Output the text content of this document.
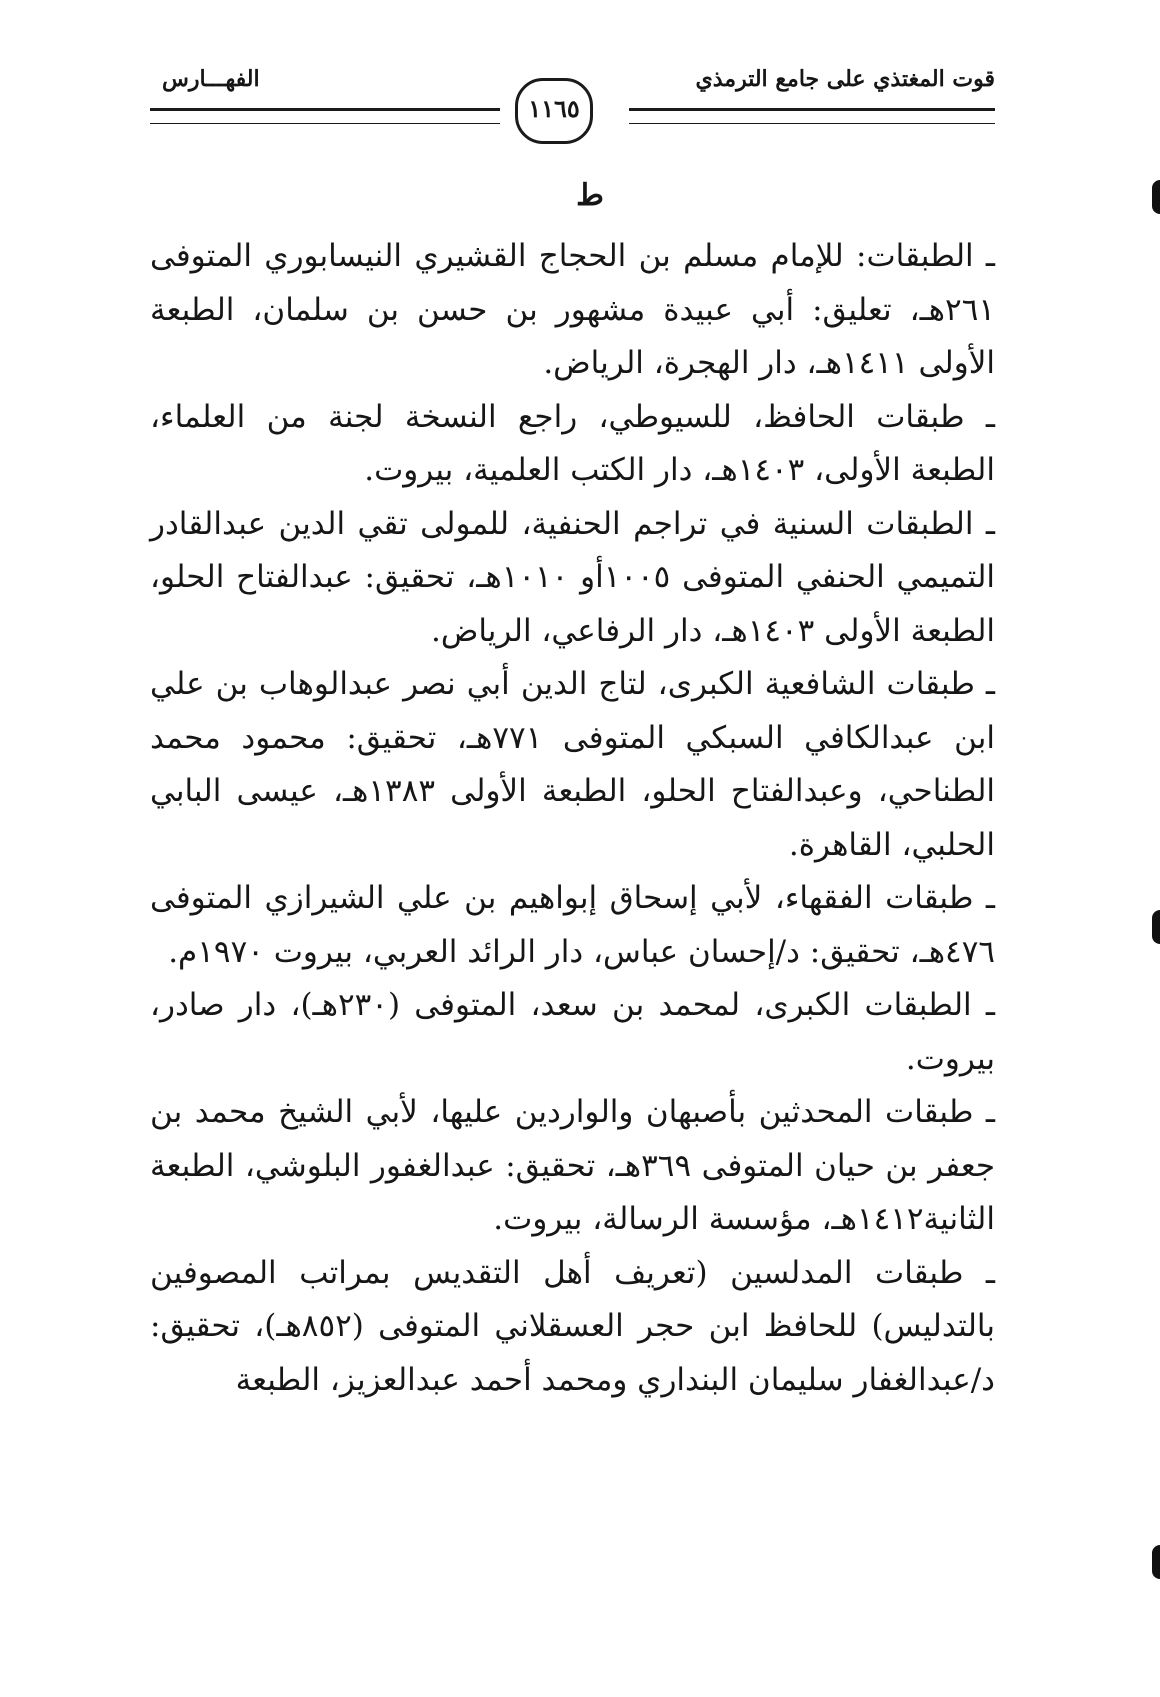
قوت المغتذي على جامع الترمذي
الفهـــارس
١١٦٥
ط

ـ الطبقات: للإمام مسلم بن الحجاج القشيري النيسابوري المتوفى ٢٦١هـ، تعليق: أبي عبيدة مشهور بن حسن بن سلمان، الطبعة الأولى ١٤١١هـ، دار الهجرة، الرياض.

ـ طبقات الحافظ، للسيوطي، راجع النسخة لجنة من العلماء، الطبعة الأولى، ١٤٠٣هـ، دار الكتب العلمية، بيروت.

ـ الطبقات السنية في تراجم الحنفية، للمولى تقي الدين عبدالقادر التميمي الحنفي المتوفى ١٠٠٥أو ١٠١٠هـ، تحقيق: عبدالفتاح الحلو، الطبعة الأولى ١٤٠٣هـ، دار الرفاعي، الرياض.

ـ طبقات الشافعية الكبرى، لتاج الدين أبي نصر عبدالوهاب بن علي ابن عبدالكافي السبكي المتوفى ٧٧١هـ، تحقيق: محمود محمد الطناحي، وعبدالفتاح الحلو، الطبعة الأولى ١٣٨٣هـ، عيسى البابي الحلبي، القاهرة.

ـ طبقات الفقهاء، لأبي إسحاق إبواهيم بن علي الشيرازي المتوفى ٤٧٦هـ، تحقيق: د/إحسان عباس، دار الرائد العربي، بيروت ١٩٧٠م.

ـ الطبقات الكبرى، لمحمد بن سعد، المتوفى (٢٣٠هـ)، دار صادر، بيروت.

ـ طبقات المحدثين بأصبهان والواردين عليها، لأبي الشيخ محمد بن جعفر بن حيان المتوفى ٣٦٩هـ، تحقيق: عبدالغفور البلوشي، الطبعة الثانية١٤١٢هـ، مؤسسة الرسالة، بيروت.

ـ طبقات المدلسين (تعريف أهل التقديس بمراتب المصوفين بالتدليس) للحافظ ابن حجر العسقلاني المتوفى (٨٥٢هـ)، تحقيق: د/عبدالغفار سليمان البنداري ومحمد أحمد عبدالعزيز، الطبعة
